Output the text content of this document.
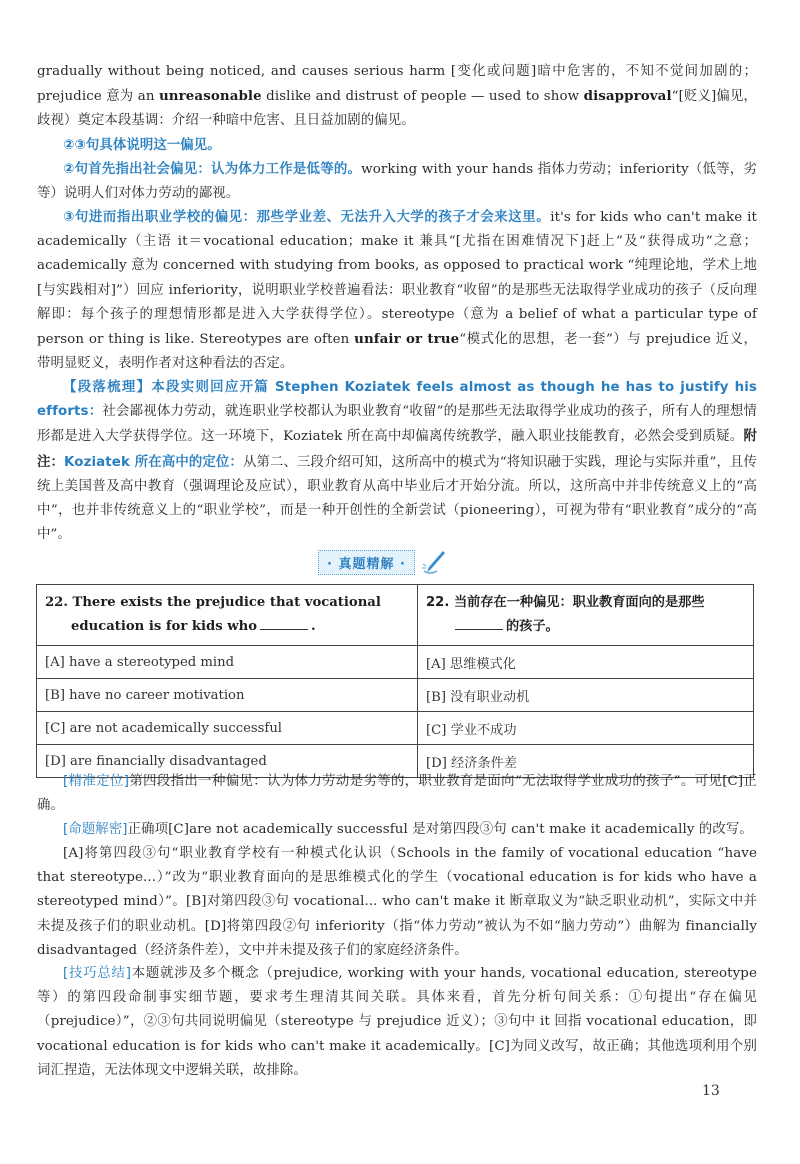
gradually without being noticed, and causes serious harm [变化或问题]暗中危害的，不知不觉间加剧的；prejudice 意为 an unreasonable dislike and distrust of people — used to show disapproval“[贬义]偏见，歧视）奠定本段基调：介绍一种暗中危害、且日益加剧的偏见。

②③句具体说明这一偏见。

②句首先指出社会偏见：认为体力工作是低等的。working with your hands 指体力劳动；inferiority（低等，劣等）说明人们对体力劳动的鄙视。

③句进而指出职业学校的偏见：那些学业差、无法升入大学的孩子才会来这里。it's for kids who can't make it academically（主语 it＝vocational education；make it 兼具“[尤指在困难情况下]赶上”及“获得成功”之意；academically 意为 concerned with studying from books, as opposed to practical work “纯理论地，学术上地[与实践相对]”）回应 inferiority，说明职业学校普遍看法：职业教育“收留”的是那些无法取得学业成功的孩子（反向理解即：每个孩子的理想情形都是进入大学获得学位）。stereotype（意为 a belief of what a particular type of person or thing is like. Stereotypes are often unfair or true“模式化的思想，老一套”）与 prejudice 近义，带明显贬义，表明作者对这种看法的否定。

【段落梳理】本段实则回应开篇 Stephen Koziatek feels almost as though he has to justify his efforts：社会鄙视体力劳动，就连职业学校都认为职业教育“收留”的是那些无法取得学业成功的孩子，所有人的理想情形都是进入大学获得学位。这一环境下，Koziatek 所在高中却偏离传统教学，融入职业技能教育，必然会受到质疑。附注：Koziatek 所在高中的定位：从第二、三段介绍可知，这所高中的模式为“将知识融于实践，理论与实际并重”，且传统上美国普及高中教育（强调理论及应试），职业教育从高中毕业后才开始分流。所以，这所高中并非传统意义上的“高中”，也并非传统意义上的“职业学校”，而是一种开创性的全新尝试（pioneering），可视为带有“职业教育”成分的“高中”。

· 真题精解 ·
22. There exists the prejudice that vocational education is for kids who .	22. 当前存在一种偏见：职业教育面向的是那些的孩子。

[A] have a stereotyped mind	[A] 思维模式化
[B] have no career motivation	[B] 没有职业动机
[C] are not academically successful	[C] 学业不成功
[D] are financially disadvantaged	[D] 经济条件差

[精准定位]第四段指出一种偏见：认为体力劳动是劣等的，职业教育是面向“无法取得学业成功的孩子”。可见[C]正确。

[命题解密]正确项[C]are not academically successful 是对第四段③句 can't make it academically 的改写。

[A]将第四段③句“职业教育学校有一种模式化认识（Schools in the family of vocational education “have that stereotype...）”改为“职业教育面向的是思维模式化的学生（vocational education is for kids who have a stereotyped mind）”。[B]对第四段③句 vocational... who can't make it 断章取义为“缺乏职业动机”，实际文中并未提及孩子们的职业动机。[D]将第四段②句 inferiority（指“体力劳动”被认为不如“脑力劳动”）曲解为 financially disadvantaged（经济条件差），文中并未提及孩子们的家庭经济条件。

[技巧总结]本题就涉及多个概念（prejudice, working with your hands, vocational education, stereotype 等）的第四段命制事实细节题，要求考生理清其间关联。具体来看，首先分析句间关系：①句提出“存在偏见（prejudice）”，②③句共同说明偏见（stereotype 与 prejudice 近义）；③句中 it 回指 vocational education，即 vocational education is for kids who can't make it academically。[C]为同义改写，故正确；其他选项利用个别词汇捏造，无法体现文中逻辑关联，故排除。

13
